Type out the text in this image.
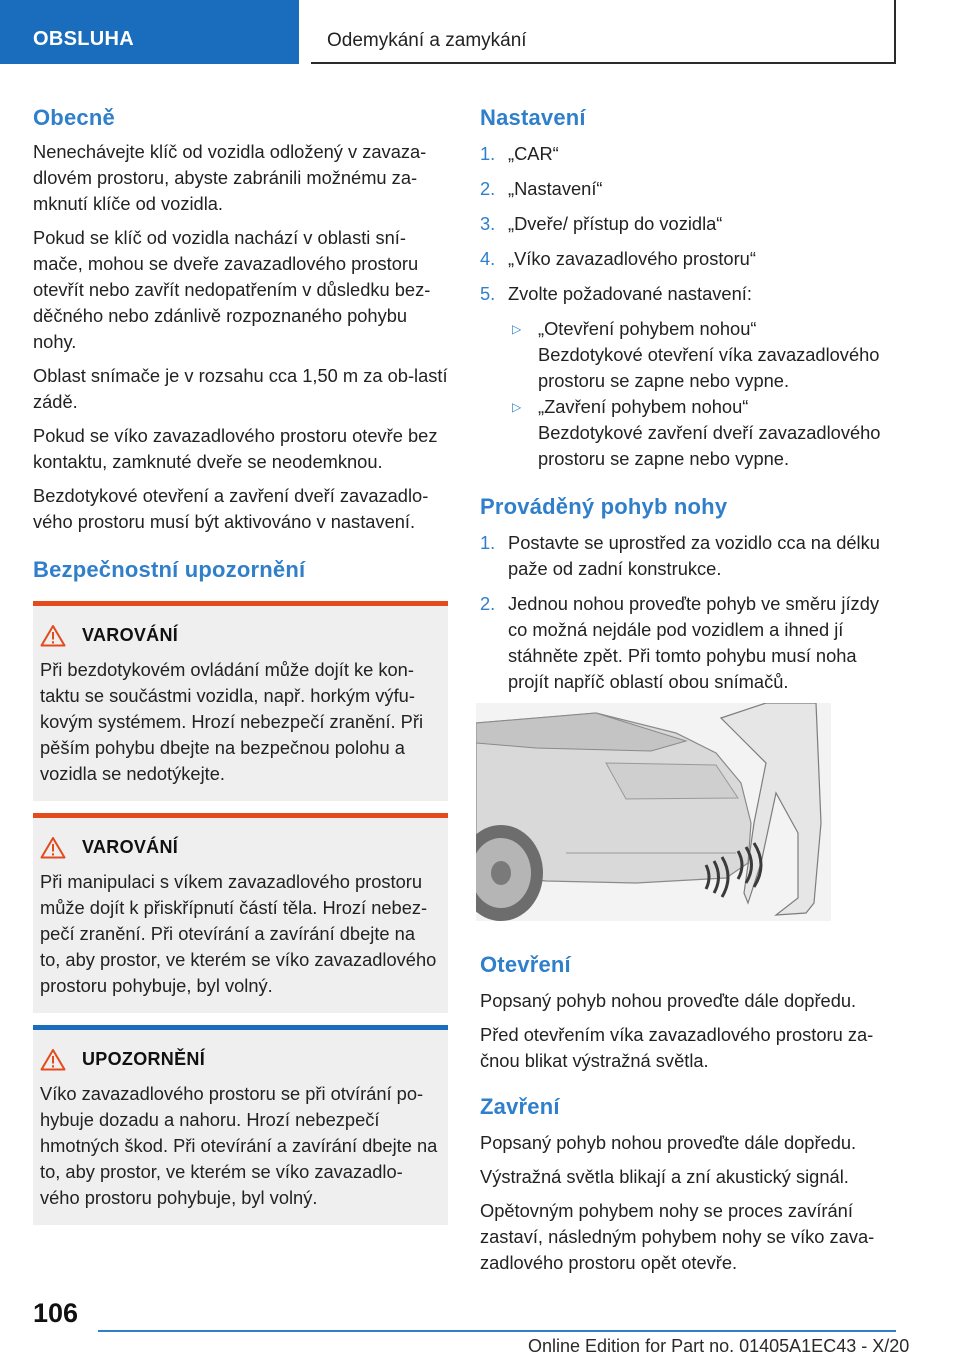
OBSLUHA	Odemykání a zamykání
Obecně

Nenechávejte klíč od vozidla odložený v zavaza-dlovém prostoru, abyste zabránili možnému za-mknutí klíče od vozidla.

Pokud se klíč od vozidla nachází v oblasti sní-mače, mohou se dveře zavazadlového prostoru otevřít nebo zavřít nedopatřením v důsledku bez-děčného nebo zdánlivě rozpoznaného pohybu nohy.

Oblast snímače je v rozsahu cca 1,50 m za ob-lastí zádě.

Pokud se víko zavazadlového prostoru otevře bez kontaktu, zamknuté dveře se neodemknou.

Bezdotykové otevření a zavření dveří zavazadlo-vého prostoru musí být aktivováno v nastavení.

Bezpečnostní upozornění
VAROVÁNÍ

Při bezdotykovém ovládání může dojít ke kon-taktu se součástmi vozidla, např. horkým výfu-kovým systémem. Hrozí nebezpečí zranění. Při pěším pohybu dbejte na bezpečnou polohu a vozidla se nedotýkejte.

VAROVÁNÍ

Při manipulaci s víkem zavazadlového prostoru může dojít k přiskřípnutí částí těla. Hrozí nebez-pečí zranění. Při otevírání a zavírání dbejte na to, aby prostor, ve kterém se víko zavazadlového prostoru pohybuje, byl volný.

UPOZORNĚNÍ

Víko zavazadlového prostoru se při otvírání po-hybuje dozadu a nahoru. Hrozí nebezpečí hmotných škod. Při otevírání a zavírání dbejte na to, aby prostor, ve kterém se víko zavazadlo-vého prostoru pohybuje, byl volný.

Nastavení
1. „CAR“
2. „Nastavení“
3. „Dveře/ přístup do vozidla“
4. „Víko zavazadlového prostoru“
5. Zvolte požadované nastavení:
▷ „Otevření pohybem nohou“

Bezdotykové otevření víka zavazadlového prostoru se zapne nebo vypne.

▷ „Zavření pohybem nohou“

Bezdotykové zavření dveří zavazadlového prostoru se zapne nebo vypne.

Prováděný pohyb nohy
1. Postavte se uprostřed za vozidlo cca na délku paže od zadní konstrukce.
2. Jednou nohou proveďte pohyb ve směru jízdy co možná nejdále pod vozidlem a ihned jí stáhněte zpět. Při tomto pohybu musí noha projít napříč oblastí obou snímačů.
Otevření

Popsaný pohyb nohou proveďte dále dopředu.

Před otevřením víka zavazadlového prostoru za-čnou blikat výstražná světla.

Zavření

Popsaný pohyb nohou proveďte dále dopředu.

Výstražná světla blikají a zní akustický signál.

Opětovným pohybem nohy se proces zavírání zastaví, následným pohybem nohy se víko zava-zadlového prostoru opět otevře.

106
Online Edition for Part no. 01405A1EC43 - X/20
